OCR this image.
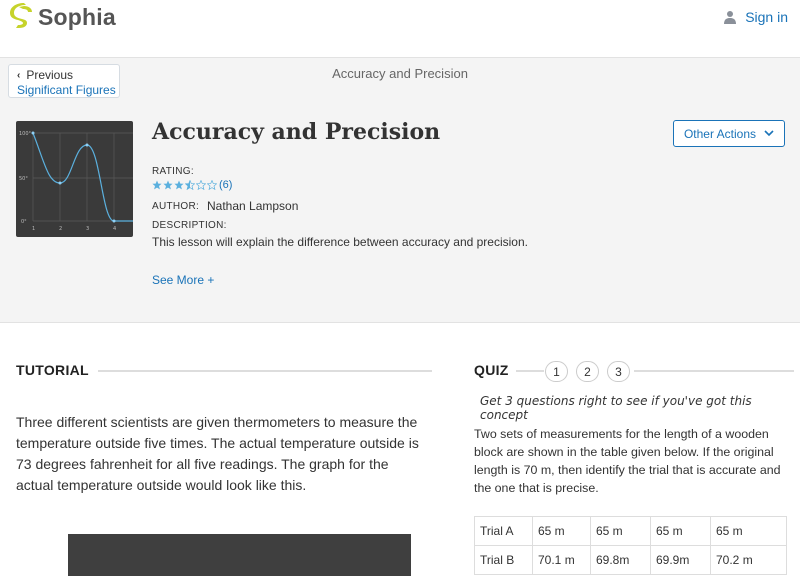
Sophia	Sign in
‹ Previous
Significant Figures
Accuracy and Precision
100°
50°
0°
1	2	3	4
Accuracy and Precision	Other Actions
RATING:
(6)
AUTHOR: Nathan Lampson
DESCRIPTION:
This lesson will explain the difference between accuracy and precision.
See More +
TUTORIAL
Three different scientists are given thermometers to measure the temperature outside five times. The actual temperature outside is 73 degrees fahrenheit for all five readings. The graph for the actual temperature outside would look like this.
QUIZ	1	2	3
Get 3 questions right to see if you've got this concept
Two sets of measurements for the length of a wooden block are shown in the table given below. If the original length is 70 m, then identify the trial that is accurate and the one that is precise.
Trial A	65 m	65 m	65 m	65 m
Trial B	70.1 m	69.8m	69.9m	70.2 m
